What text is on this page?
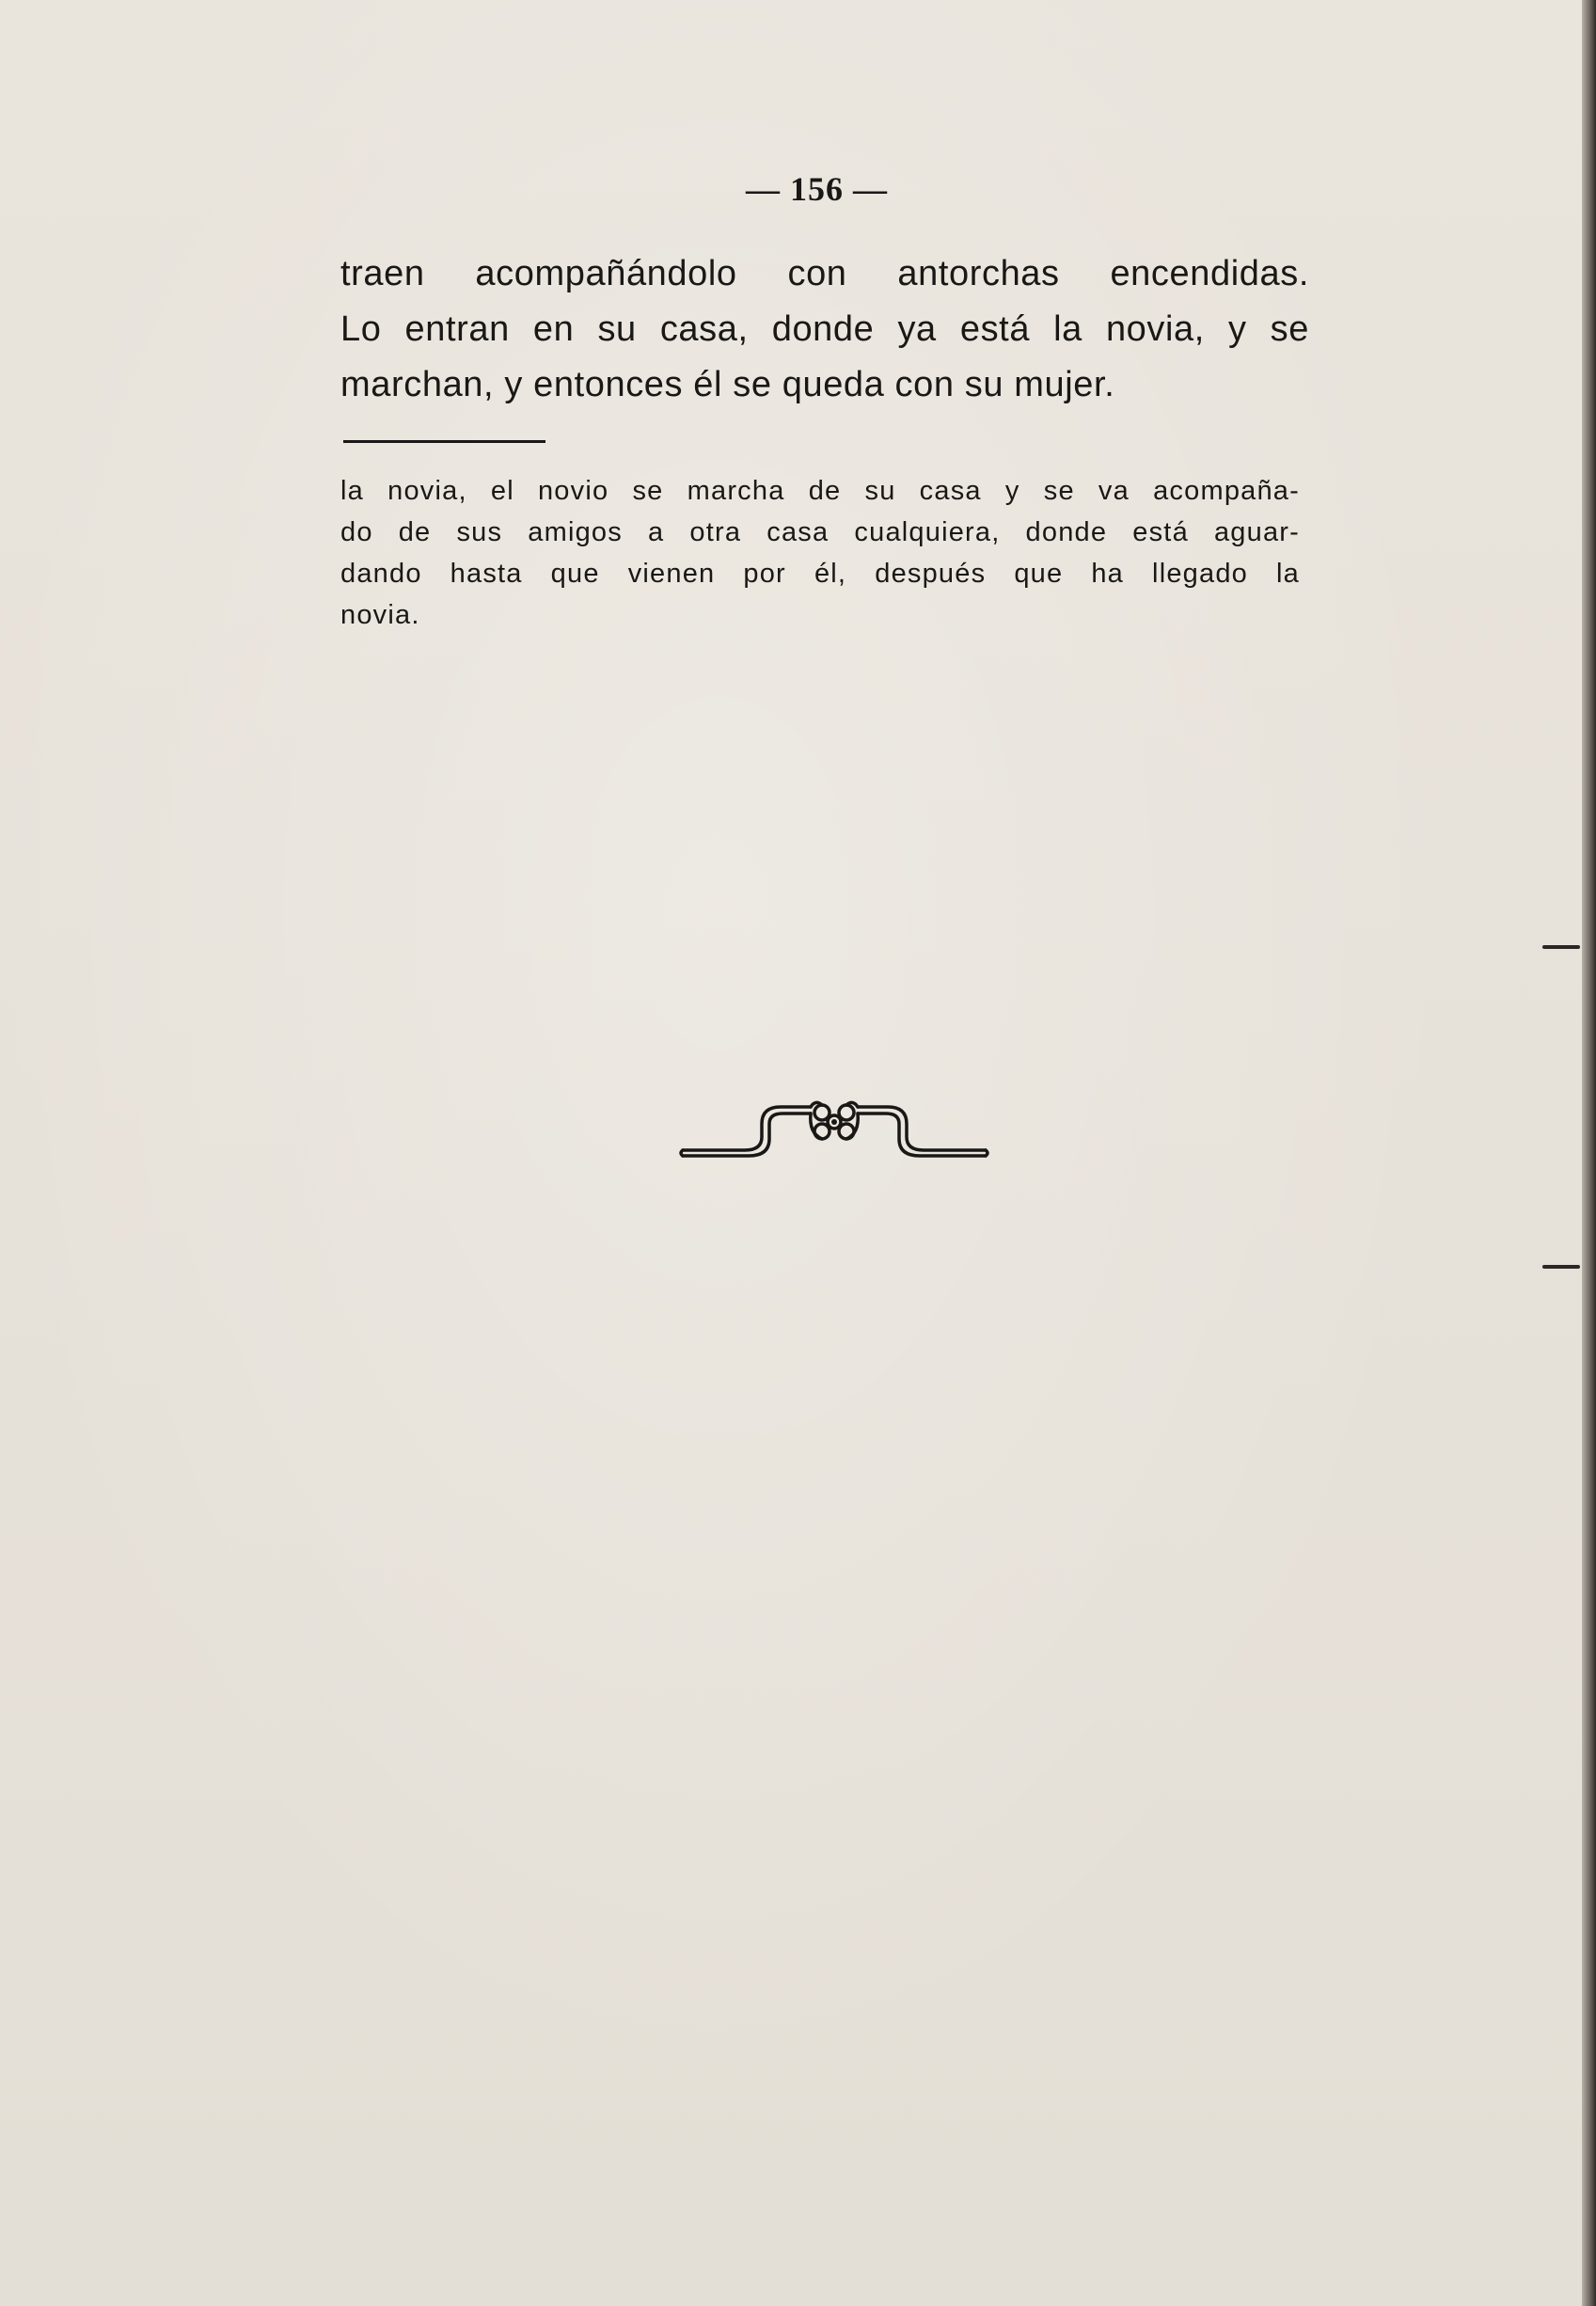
— 156 —
traen acompañándolo con antorchas encendidas.
Lo entran en su casa, donde ya está la novia, y se
marchan, y entonces él se queda con su mujer.
la novia, el novio se marcha de su casa y se va acompaña-
do de sus amigos a otra casa cualquiera, donde está aguar-
dando hasta que vienen por él, después que ha llegado la
novia.
